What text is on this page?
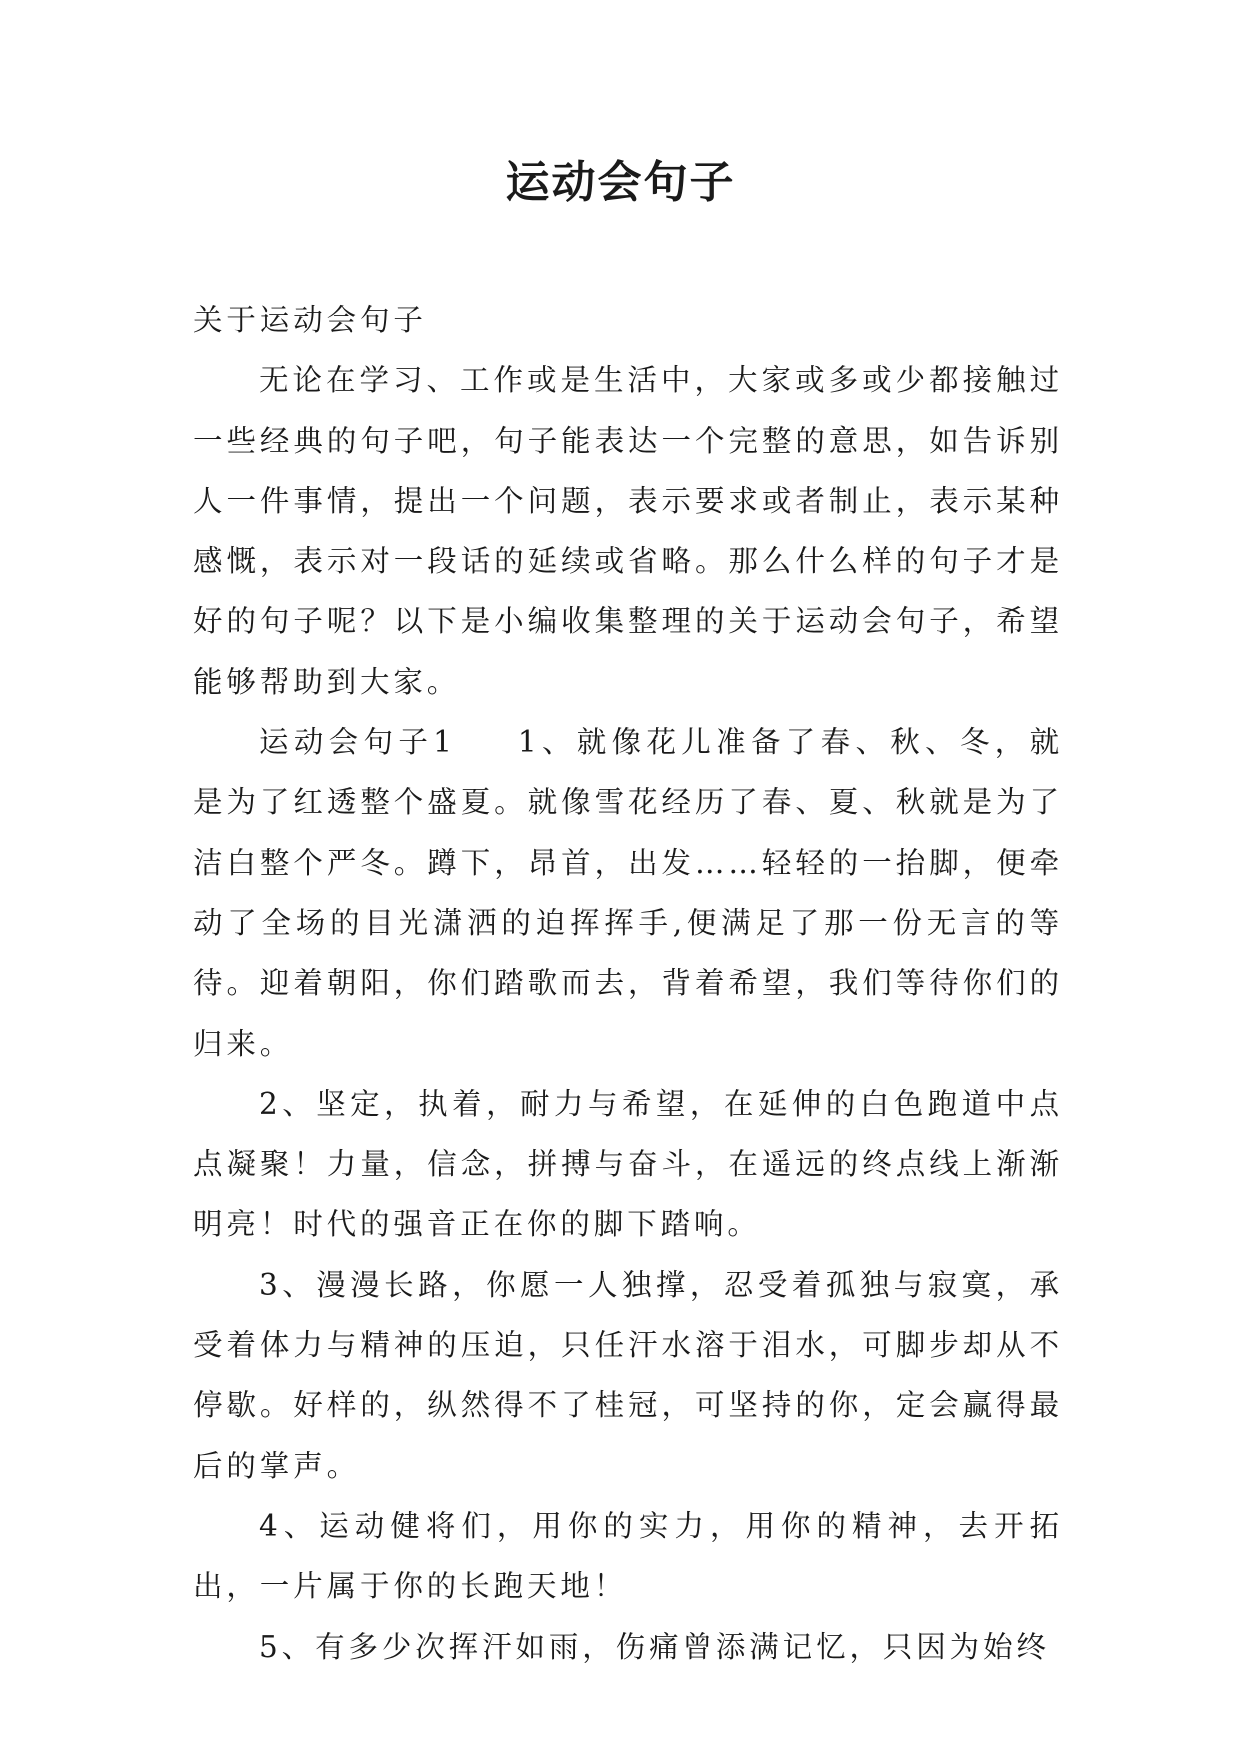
运动会句子

关于运动会句子

无论在学习、工作或是生活中，大家或多或少都接触过一些经典的句子吧，句子能表达一个完整的意思，如告诉别人一件事情，提出一个问题，表示要求或者制止，表示某种感慨，表示对一段话的延续或省略。那么什么样的句子才是好的句子呢？以下是小编收集整理的关于运动会句子，希望能够帮助到大家。

运动会句子1 1、就像花儿准备了春、秋、冬，就是为了红透整个盛夏。就像雪花经历了春、夏、秋就是为了洁白整个严冬。蹲下，昂首，出发……轻轻的一抬脚，便牵动了全场的目光潇洒的迫挥挥手,便满足了那一份无言的等待。迎着朝阳，你们踏歌而去，背着希望，我们等待你们的归来。

2、坚定，执着，耐力与希望，在延伸的白色跑道中点点凝聚！力量，信念，拼搏与奋斗，在遥远的终点线上渐渐明亮！时代的强音正在你的脚下踏响。

3、漫漫长路，你愿一人独撑，忍受着孤独与寂寞，承受着体力与精神的压迫，只任汗水溶于泪水，可脚步却从不停歇。好样的，纵然得不了桂冠，可坚持的你，定会赢得最后的掌声。

4、运动健将们，用你的实力，用你的精神，去开拓出，一片属于你的长跑天地！

5、有多少次挥汗如雨，伤痛曾添满记忆，只因为始终
